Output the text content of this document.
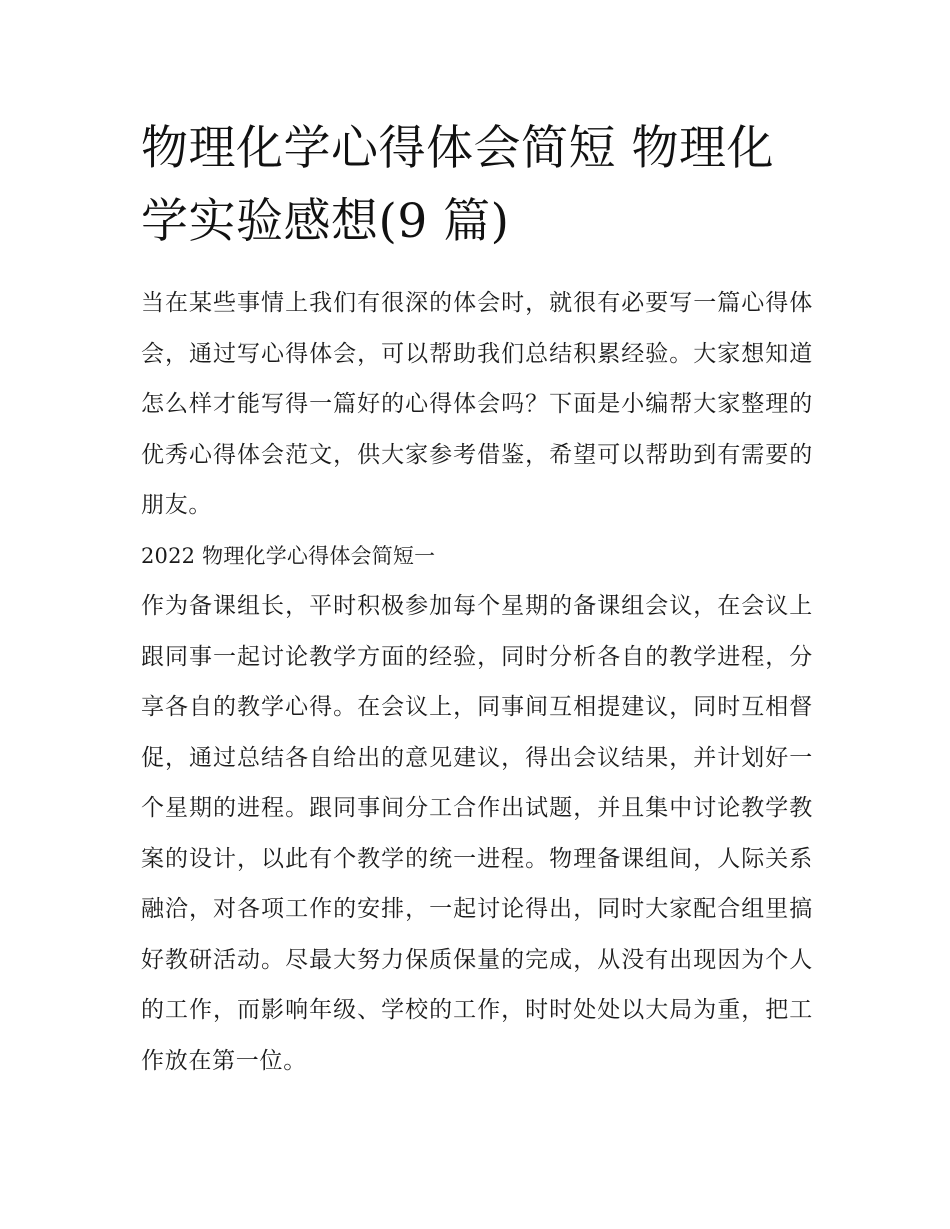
物理化学心得体会简短 物理化学实验感想(9 篇)

当在某些事情上我们有很深的体会时，就很有必要写一篇心得体会，通过写心得体会，可以帮助我们总结积累经验。大家想知道怎么样才能写得一篇好的心得体会吗？下面是小编帮大家整理的优秀心得体会范文，供大家参考借鉴，希望可以帮助到有需要的朋友。

2022 物理化学心得体会简短一

作为备课组长，平时积极参加每个星期的备课组会议，在会议上跟同事一起讨论教学方面的经验，同时分析各自的教学进程，分享各自的教学心得。在会议上，同事间互相提建议，同时互相督促，通过总结各自给出的意见建议，得出会议结果，并计划好一个星期的进程。跟同事间分工合作出试题，并且集中讨论教学教案的设计，以此有个教学的统一进程。物理备课组间，人际关系融洽，对各项工作的安排，一起讨论得出，同时大家配合组里搞好教研活动。尽最大努力保质保量的完成，从没有出现因为个人的工作，而影响年级、学校的工作，时时处处以大局为重，把工作放在第一位。
